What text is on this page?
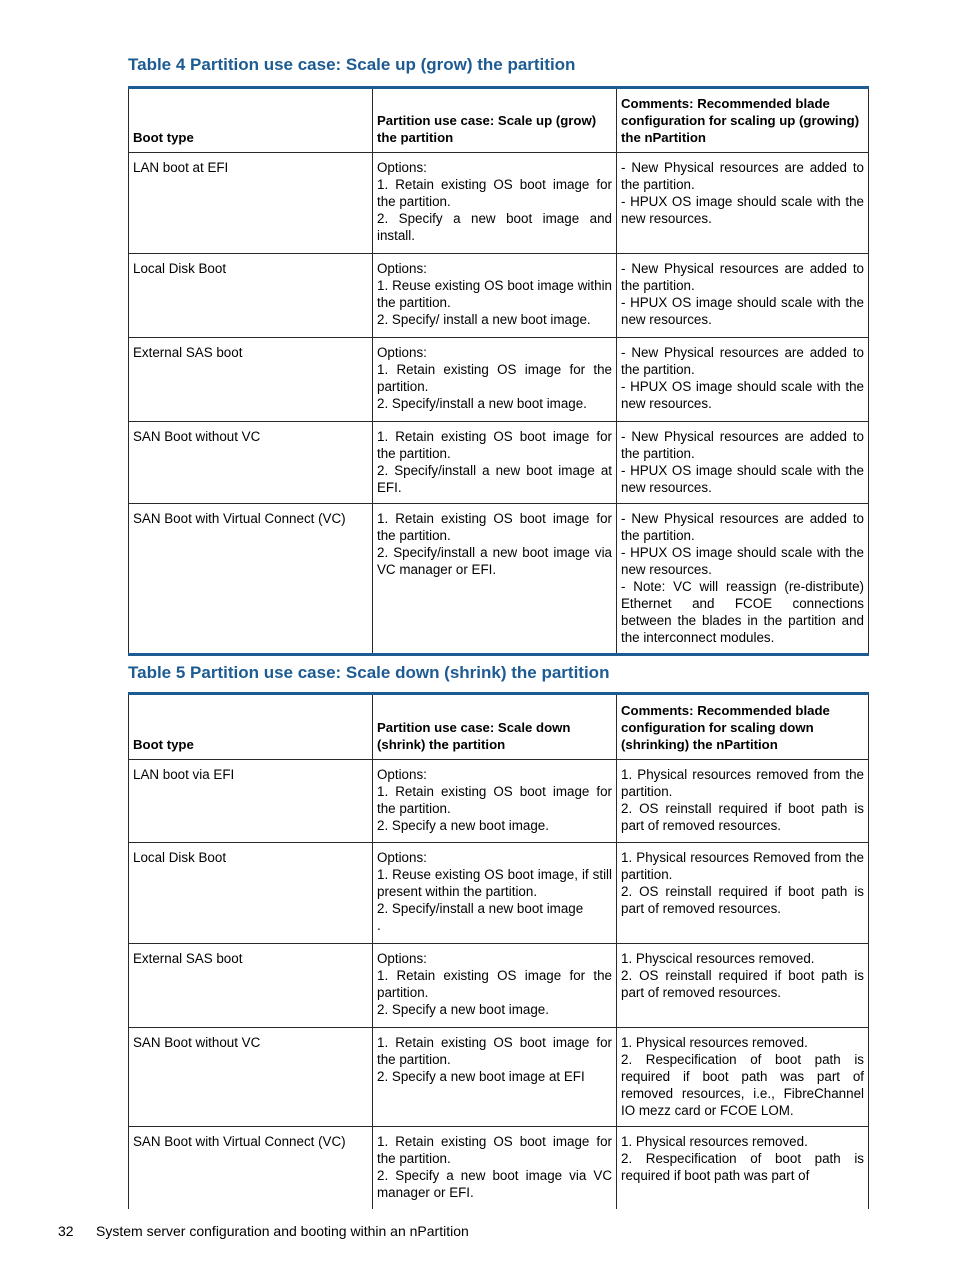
Table 4 Partition use case: Scale up (grow) the partition
Boot type	Partition use case: Scale up (grow) the partition	Comments: Recommended blade configuration for scaling up (growing) the nPartition
LAN boot at EFI	Options:
1. Retain existing OS boot image for the partition.
2. Specify a new boot image and install.	- New Physical resources are added to the partition.
- HPUX OS image should scale with the new resources.

Local Disk Boot	Options:
1. Reuse existing OS boot image within the partition.
2. Specify/ install a new boot image.	- New Physical resources are added to the partition.
- HPUX OS image should scale with the new resources.

External SAS boot	Options:
1. Retain existing OS image for the partition.
2. Specify/install a new boot image.	- New Physical resources are added to the partition.
- HPUX OS image should scale with the new resources.

SAN Boot without VC	1. Retain existing OS boot image for the partition.
2. Specify/install a new boot image at EFI.	- New Physical resources are added to the partition.
- HPUX OS image should scale with the new resources.

SAN Boot with Virtual Connect (VC)	1. Retain existing OS boot image for the partition.
2. Specify/install a new boot image via VC manager or EFI.	- New Physical resources are added to the partition.
- HPUX OS image should scale with the new resources.
- Note: VC will reassign (re-distribute) Ethernet and FCOE connections between the blades in the partition and the interconnect modules.
Table 5 Partition use case: Scale down (shrink) the partition
Boot type	Partition use case: Scale down (shrink) the partition	Comments: Recommended blade configuration for scaling down (shrinking) the nPartition
LAN boot via EFI	Options:
1. Retain existing OS boot image for the partition.
2. Specify a new boot image.	1. Physical resources removed from the partition.
2. OS reinstall required if boot path is part of removed resources.

Local Disk Boot	Options:
1. Reuse existing OS boot image, if still present within the partition.
2. Specify/install a new boot image
.	1. Physical resources Removed from the partition.
2. OS reinstall required if boot path is part of removed resources.

External SAS boot	Options:
1. Retain existing OS image for the partition.
2. Specify a new boot image.	1. Physcical resources removed.
2. OS reinstall required if boot path is part of removed resources.

SAN Boot without VC	1. Retain existing OS boot image for the partition.
2. Specify a new boot image at EFI	1. Physical resources removed.
2. Respecification of boot path is required if boot path was part of removed resources, i.e., FibreChannel IO mezz card or FCOE LOM.

SAN Boot with Virtual Connect (VC)	1. Retain existing OS boot image for the partition.
2. Specify a new boot image via VC manager or EFI.	1. Physical resources removed.
2. Respecification of boot path is required if boot path was part of
32 System server configuration and booting within an nPartition
